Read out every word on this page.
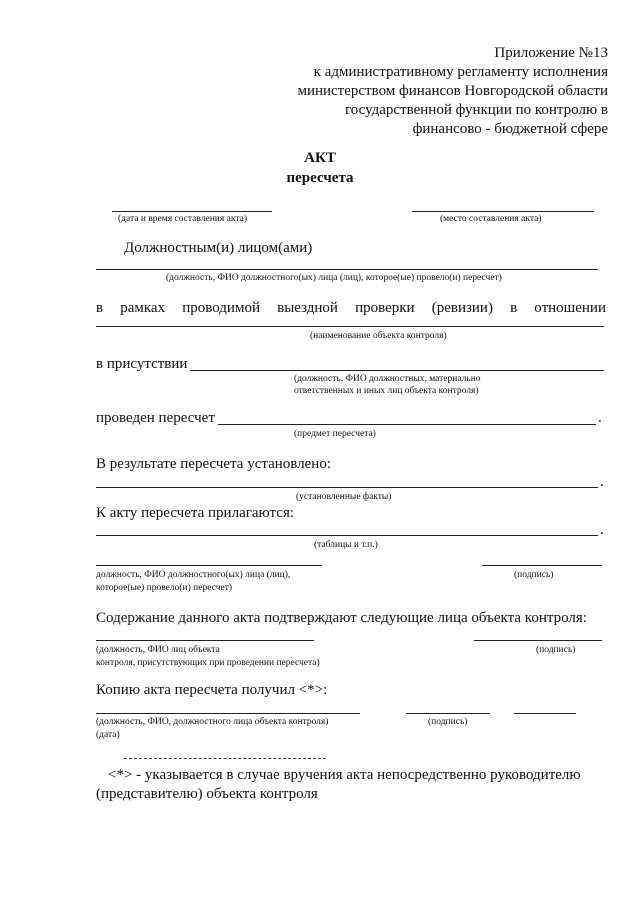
Приложение №13
к административному регламенту исполнения
министерством финансов Новгородской области
государственной функции по контролю в
финансово - бюджетной сфере
АКТ
пересчета
(дата и время составления акта)	(место составления акта)
Должностным(и) лицом(ами)
(должность, ФИО должностного(ых) лица (лиц), которое(ые) провело(и) пересчет)
в рамках проводимой выездной проверки (ревизии) в отношении
(наименование объекта контроля)
в присутствии
(должность, ФИО должностных, материально
ответственных и иных лиц объекта контроля)
проведен пересчет	.
(предмет пересчета)
В результате пересчета установлено:
.
(установленные факты)
К акту пересчета прилагаются:
.
(таблицы и т.п.)
должность, ФИО должностного(ых) лица (лиц),
которое(ые) провело(и) пересчет)
(подпись)
Содержание данного акта подтверждают следующие лица объекта контроля:
(должность, ФИО лиц объекта
контроля, присутствующих при проведении пересчета)
(подпись)
Копию акта пересчета получил <*>:
(должность, ФИО, должностного лица объекта контроля)	(подпись)
(дата)
<*> - указывается в случае вручения акта непосредственно руководителю
(представителю) объекта контроля
